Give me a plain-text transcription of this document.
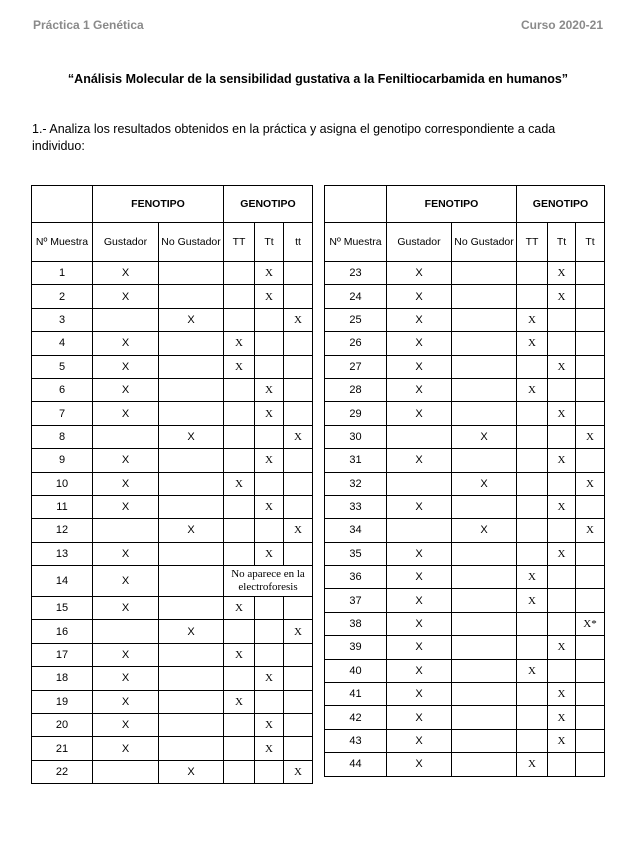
Práctica 1 Genética	Curso 2020-21
“Análisis Molecular de la sensibilidad gustativa a la Feniltiocarbamida en humanos”
1.- Analiza los resultados obtenidos en la práctica y asigna el genotipo correspondiente a cada individuo:
	FENOTIPO		GENOTIPO		
Nº Muestra	Gustador	No Gustador	TT	Tt	tt
1	X			X	
2	X			X	
3		X			X
4	X		X		
5	X		X		
6	X			X	
7	X			X	
8		X			X
9	X			X	
10	X		X		
11	X			X	
12		X			X
13	X			X	
14	X		No aparece en la electroforesis		
15	X		X		
16		X			X
17	X		X		
18	X			X	
19	X		X		
20	X			X	
21	X			X	
22		X			X
	FENOTIPO		GENOTIPO		
Nº Muestra	Gustador	No Gustador	TT	Tt	Tt
23	X			X	
24	X			X	
25	X		X		
26	X		X		
27	X			X	
28	X		X		
29	X			X	
30		X			X
31	X			X	
32		X			X
33	X			X	
34		X			X
35	X			X	
36	X		X		
37	X		X		
38	X				X*
39	X			X	
40	X		X		
41	X			X	
42	X			X	
43	X			X	
44	X		X		
